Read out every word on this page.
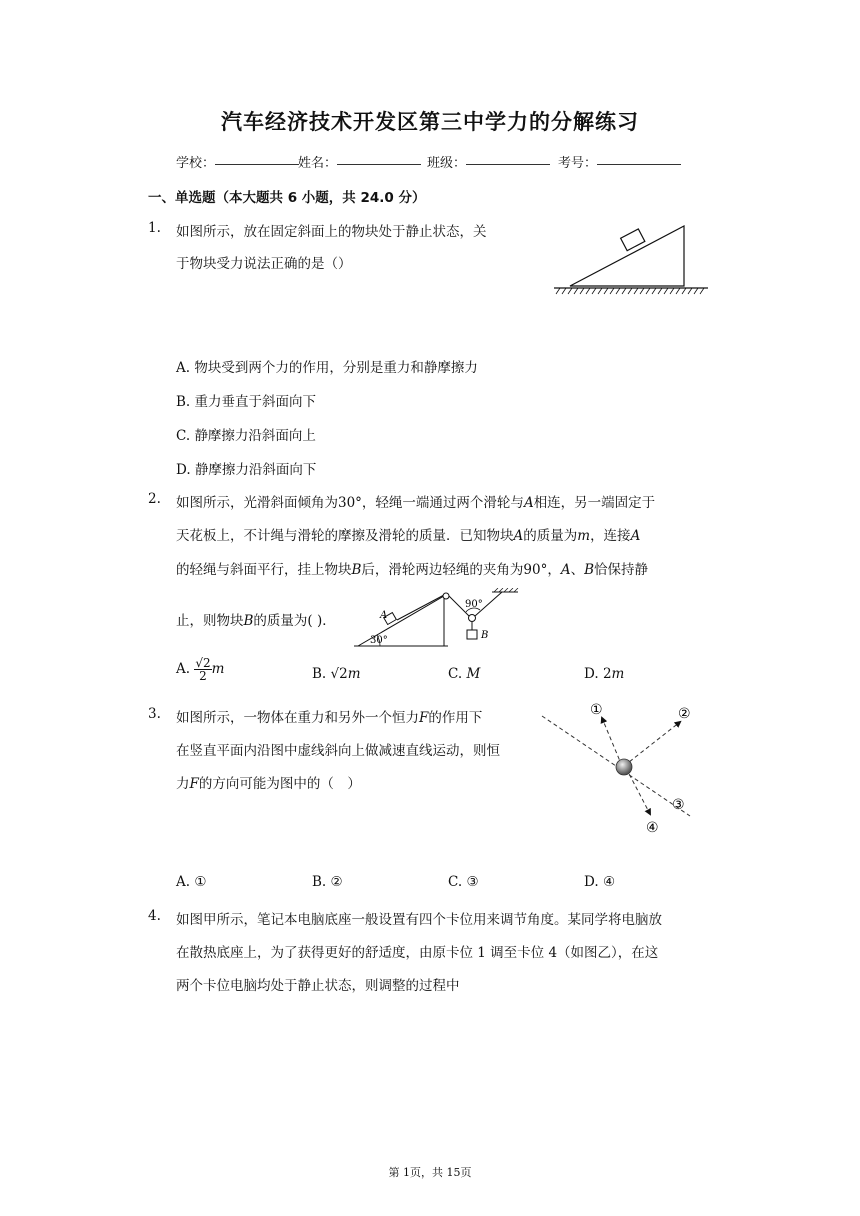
汽车经济技术开发区第三中学力的分解练习
学校：	姓名：	班级：	考号：
一、单选题（本大题共 6 小题，共 24.0 分）
1. 如图所示，放在固定斜面上的物块处于静止状态，关
于物块受力说法正确的是（）
A. 物块受到两个力的作用，分别是重力和静摩擦力
B. 重力垂直于斜面向下
C. 静摩擦力沿斜面向上
D. 静摩擦力沿斜面向下
2. 如图所示，光滑斜面倾角为30°，轻绳一端通过两个滑轮与A相连，另一端固定于
天花板上，不计绳与滑轮的摩擦及滑轮的质量．已知物块A的质量为m，连接A
的轻绳与斜面平行，挂上物块B后，滑轮两边轻绳的夹角为90°，A、B恰保持静
止，则物块B的质量为( )．
30°
A
90°
B
A. $\frac{√2}{2}$ m	B. √2m	C. M	D. 2m
3. 如图所示，一物体在重力和另外一个恒力F的作用下
在竖直平面内沿图中虚线斜向上做减速直线运动，则恒
力F的方向可能为图中的（　）
①	②
③
④
A. ①	B. ②	C. ③	D. ④
4. 如图甲所示，笔记本电脑底座一般设置有四个卡位用来调节角度。某同学将电脑放
在散热底座上，为了获得更好的舒适度，由原卡位 1 调至卡位 4（如图乙），在这
两个卡位电脑均处于静止状态，则调整的过程中
第 1页，共 15页
